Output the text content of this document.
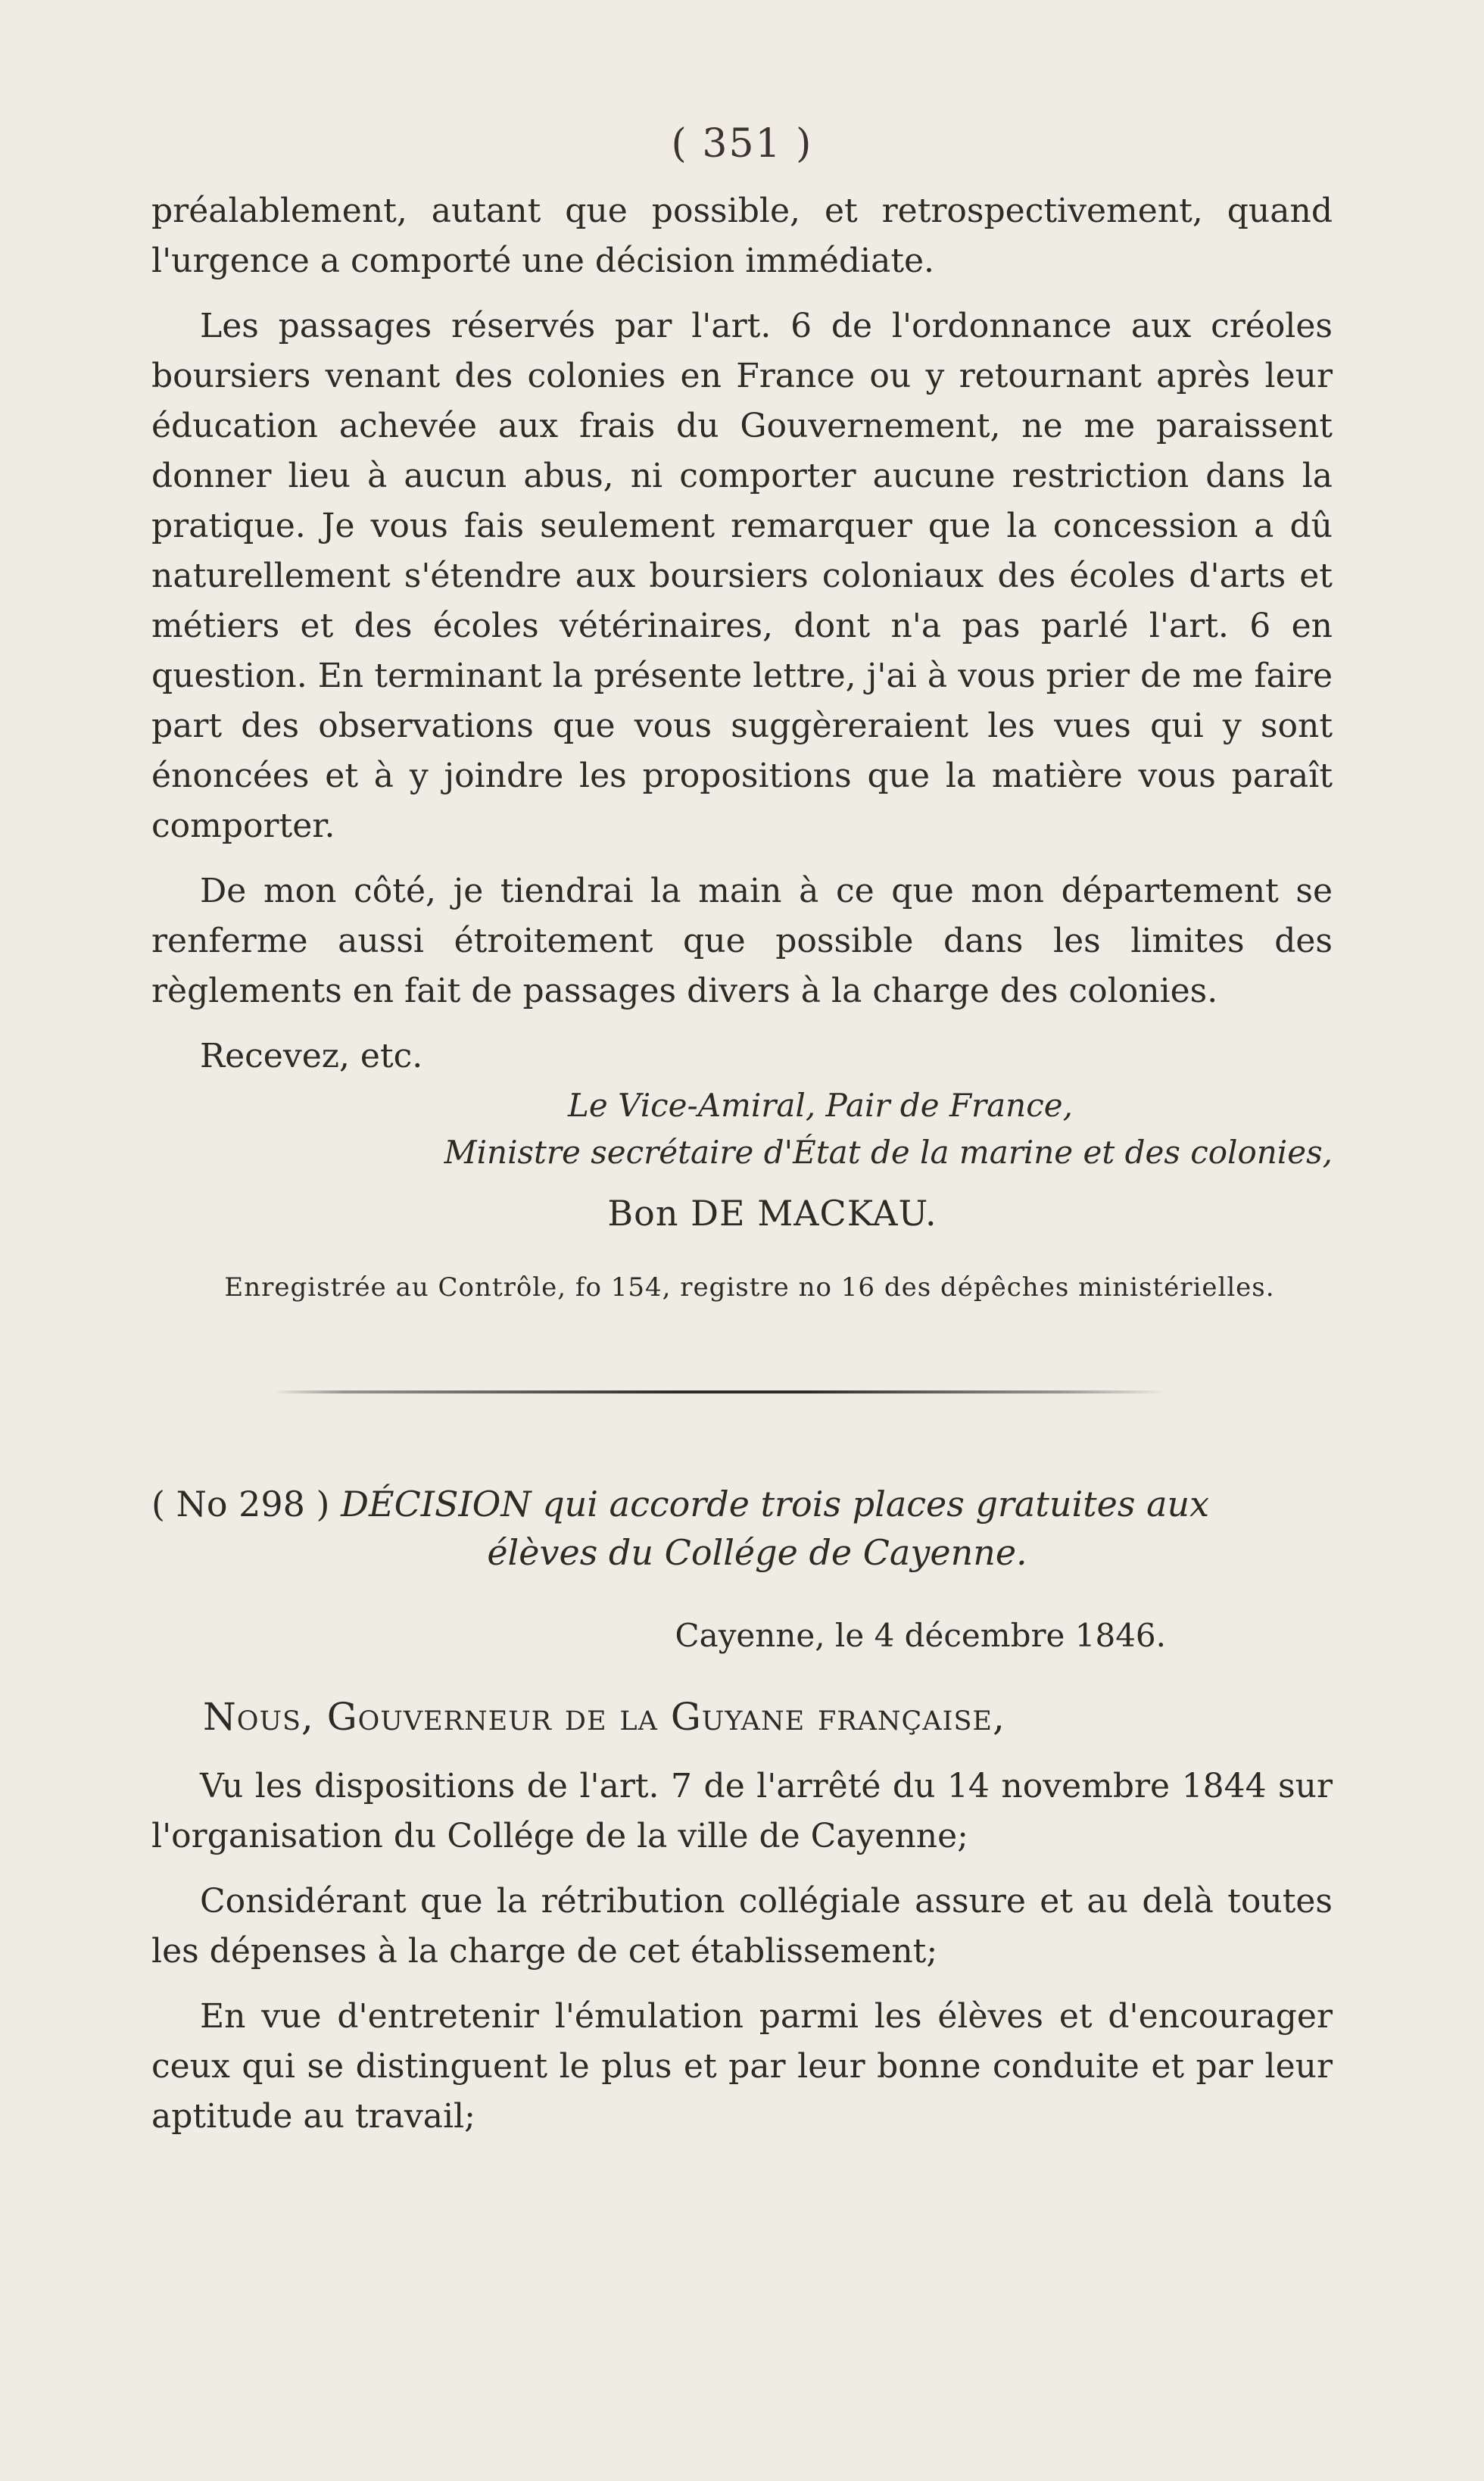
( 351 )

préalablement, autant que possible, et retrospectivement, quand l'urgence a comporté une décision immédiate.

Les passages réservés par l'art. 6 de l'ordonnance aux créoles boursiers venant des colonies en France ou y retournant après leur éducation achevée aux frais du Gouvernement, ne me paraissent donner lieu à aucun abus, ni comporter aucune restriction dans la pratique. Je vous fais seulement remarquer que la concession a dû naturellement s'étendre aux boursiers coloniaux des écoles d'arts et métiers et des écoles vétérinaires, dont n'a pas parlé l'art. 6 en question. En terminant la présente lettre, j'ai à vous prier de me faire part des observations que vous suggèreraient les vues qui y sont énoncées et à y joindre les propositions que la matière vous paraît comporter.

De mon côté, je tiendrai la main à ce que mon département se renferme aussi étroitement que possible dans les limites des règlements en fait de passages divers à la charge des colonies.

Recevez, etc.

Le Vice-Amiral, Pair de France,
Ministre secrétaire d'État de la marine et des colonies,
Bon DE MACKAU.
Enregistrée au Contrôle, fo 154, registre no 16 des dépêches ministérielles.
( No 298 ) DÉCISION qui accorde trois places gratuites aux
élèves du Collége de Cayenne.
Cayenne, le 4 décembre 1846.
Nous, Gouverneur de la Guyane française,

Vu les dispositions de l'art. 7 de l'arrêté du 14 novembre 1844 sur l'organisation du Collége de la ville de Cayenne;

Considérant que la rétribution collégiale assure et au delà toutes les dépenses à la charge de cet établissement;

En vue d'entretenir l'émulation parmi les élèves et d'encourager ceux qui se distinguent le plus et par leur bonne conduite et par leur aptitude au travail;
